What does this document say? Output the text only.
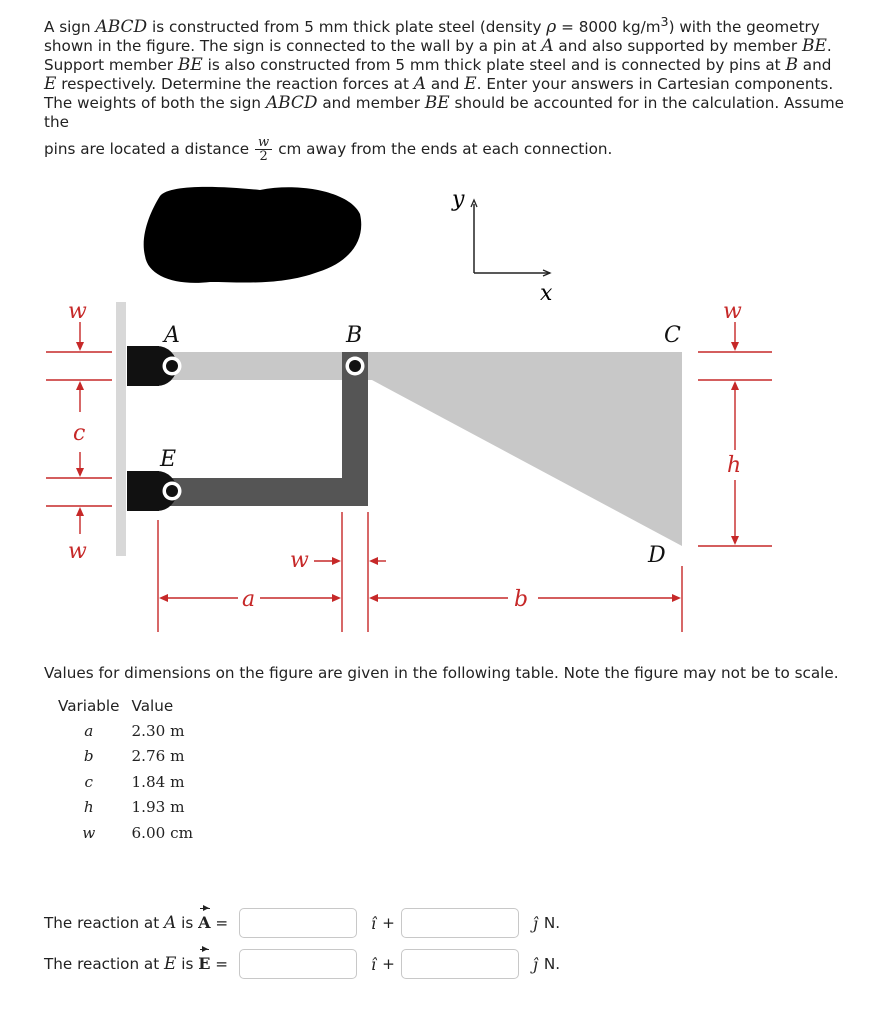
A sign ABCD is constructed from 5 mm thick plate steel (density ρ = 8000 $kg/m^3$) with the geometry shown in the figure. The sign is connected to the wall by a pin at A and also supported by member BE. Support member BE is also constructed from 5 mm thick plate steel and is connected by pins at B and E respectively. Determine the reaction forces at A and E. Enter your answers in Cartesian components. The weights of both the sign ABCD and member BE should be accounted for in the calculation. Assume the

pins are located a distance $\frac{w}{2}$ cm away from the ends at each connection.

y
x
A	B	C
E
D
w
c
w
w
h
a
w
b
Values for dimensions on the figure are given in the following table. Note the figure may not be to scale.
Variable	Value
a	2.30 m
b	2.76 m
c	1.84 m
h	1.93 m
w	6.00 cm
The reaction at A is A =	î +	ĵ N.
The reaction at E is E =	î +	ĵ N.
